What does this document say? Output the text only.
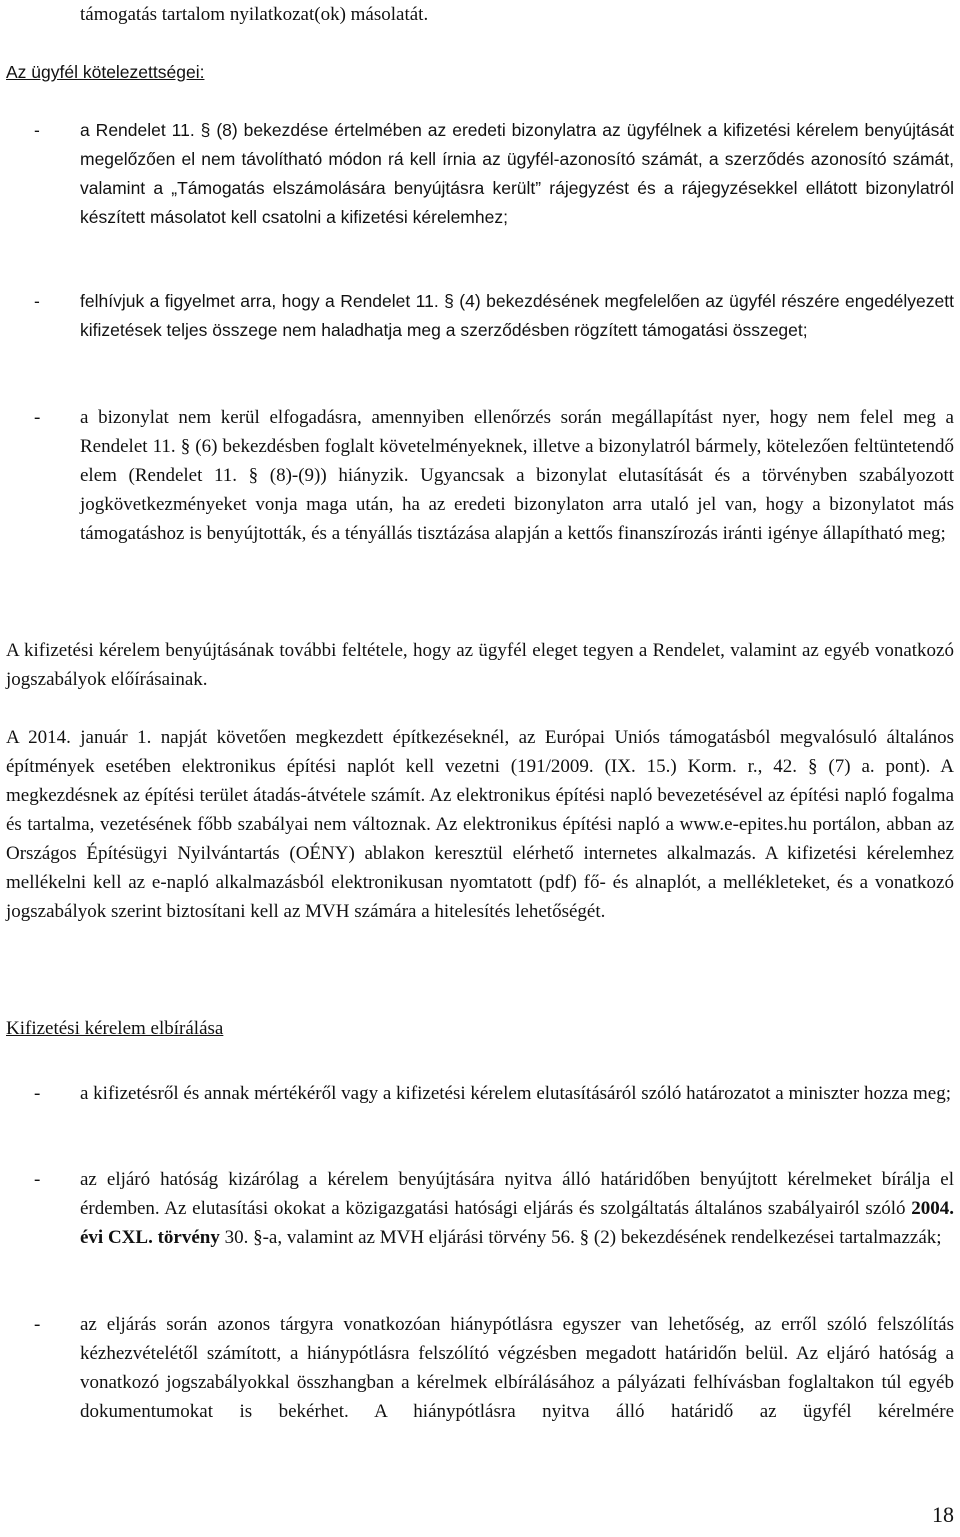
támogatás tartalom nyilatkozat(ok) másolatát.

Az ügyfél kötelezettségei:
- a Rendelet 11. § (8) bekezdése értelmében az eredeti bizonylatra az ügyfélnek a kifizetési kérelem benyújtását megelőzően el nem távolítható módon rá kell írnia az ügyfél-azonosító számát, a szerződés azonosító számát, valamint a „Támogatás elszámolására benyújtásra került” rájegyzést és a rájegyzésekkel ellátott bizonylatról készített másolatot kell csatolni a kifizetési kérelemhez;

- felhívjuk a figyelmet arra, hogy a Rendelet 11. § (4) bekezdésének megfelelően az ügyfél részére engedélyezett kifizetések teljes összege nem haladhatja meg a szerződésben rögzített támogatási összeget;

- a bizonylat nem kerül elfogadásra, amennyiben ellenőrzés során megállapítást nyer, hogy nem felel meg a Rendelet 11. § (6) bekezdésben foglalt követelményeknek, illetve a bizonylatról bármely, kötelezően feltüntetendő elem (Rendelet 11. § (8)-(9)) hiányzik. Ugyancsak a bizonylat elutasítását és a törvényben szabályozott jogkövetkezményeket vonja maga után, ha az eredeti bizonylaton arra utaló jel van, hogy a bizonylatot más támogatáshoz is benyújtották, és a tényállás tisztázása alapján a kettős finanszírozás iránti igénye állapítható meg;

A kifizetési kérelem benyújtásának további feltétele, hogy az ügyfél eleget tegyen a Rendelet, valamint az egyéb vonatkozó jogszabályok előírásainak.

A 2014. január 1. napját követően megkezdett építkezéseknél, az Európai Uniós támogatásból megvalósuló általános építmények esetében elektronikus építési naplót kell vezetni (191/2009. (IX. 15.) Korm. r., 42. § (7) a. pont). A megkezdésnek az építési terület átadás-átvétele számít. Az elektronikus építési napló bevezetésével az építési napló fogalma és tartalma, vezetésének főbb szabályai nem változnak. Az elektronikus építési napló a www.e-epites.hu portálon, abban az Országos Építésügyi Nyilvántartás (OÉNY) ablakon keresztül elérhető internetes alkalmazás. A kifizetési kérelemhez mellékelni kell az e-napló alkalmazásból elektronikusan nyomtatott (pdf) fő- és alnaplót, a mellékleteket, és a vonatkozó jogszabályok szerint biztosítani kell az MVH számára a hitelesítés lehetőségét.

Kifizetési kérelem elbírálása
- a kifizetésről és annak mértékéről vagy a kifizetési kérelem elutasításáról szóló határozatot a miniszter hozza meg;

- az eljáró hatóság kizárólag a kérelem benyújtására nyitva álló határidőben benyújtott kérelmeket bírálja el érdemben. Az elutasítási okokat a közigazgatási hatósági eljárás és szolgáltatás általános szabályairól szóló 2004. évi CXL. törvény 30. §-a, valamint az MVH eljárási törvény 56. § (2) bekezdésének rendelkezései tartalmazzák;

- az eljárás során azonos tárgyra vonatkozóan hiánypótlásra egyszer van lehetőség, az erről szóló felszólítás kézhezvételétől számított, a hiánypótlásra felszólító végzésben megadott határidőn belül. Az eljáró hatóság a vonatkozó jogszabályokkal összhangban a kérelmek elbírálásához a pályázati felhívásban foglaltakon túl egyéb dokumentumokat is bekérhet. A hiánypótlásra nyitva álló határidő az ügyfél kérelmére

18
